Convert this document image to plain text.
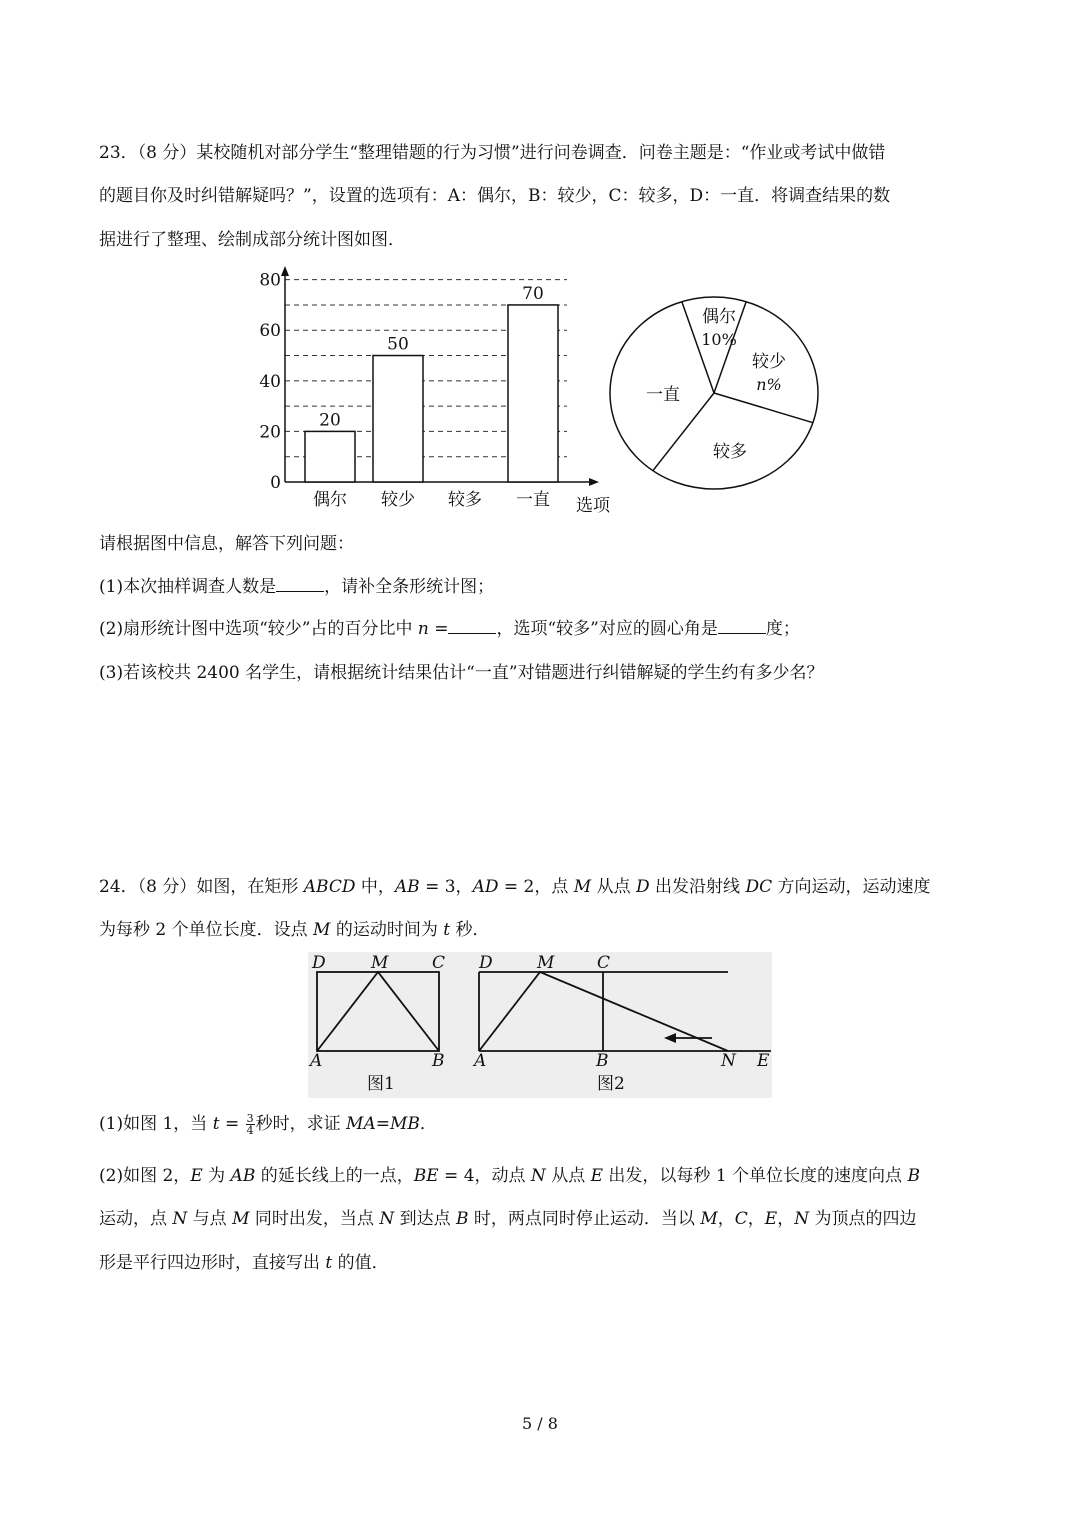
23．（8 分）某校随机对部分学生“整理错题的行为习惯”进行问卷调查．问卷主题是：“作业或考试中做错
的题目你及时纠错解疑吗？”，设置的选项有：A：偶尔，B：较少，C：较多，D：一直．将调查结果的数
据进行了整理、绘制成部分统计图如图．
0
20
40
60
80
偶尔
20
较少
50
较多 一直
70
选项
偶尔
10%
较少
n%
较多
一直
请根据图中信息，解答下列问题：
(1)本次抽样调查人数是	，请补全条形统计图；
(2)扇形统计图中选项“较少”占的百分比中 n =	，选项“较多”对应的圆心角是	度；
(3)若该校共 2400 名学生，请根据统计结果估计“一直”对错题进行纠错解疑的学生约有多少名？
24．（8 分）如图，在矩形 ABCD 中，AB = 3，AD = 2，点 M 从点 D 出发沿射线 DC 方向运动，运动速度
为每秒 2 个单位长度．设点 M 的运动时间为 t 秒．
D	M	C
A	B
图1
D	M	C
A	B	N E
图2
(1)如图 1，当 $t = \frac{3}{4}$ 秒时，求证 MA=MB．
(2)如图 2，E 为 AB 的延长线上的一点，BE = 4，动点 N 从点 E 出发，以每秒 1 个单位长度的速度向点 B
运动，点 N 与点 M 同时出发，当点 N 到达点 B 时，两点同时停止运动．当以 M，C，E，N 为顶点的四边
形是平行四边形时，直接写出 t 的值．
5 / 8
